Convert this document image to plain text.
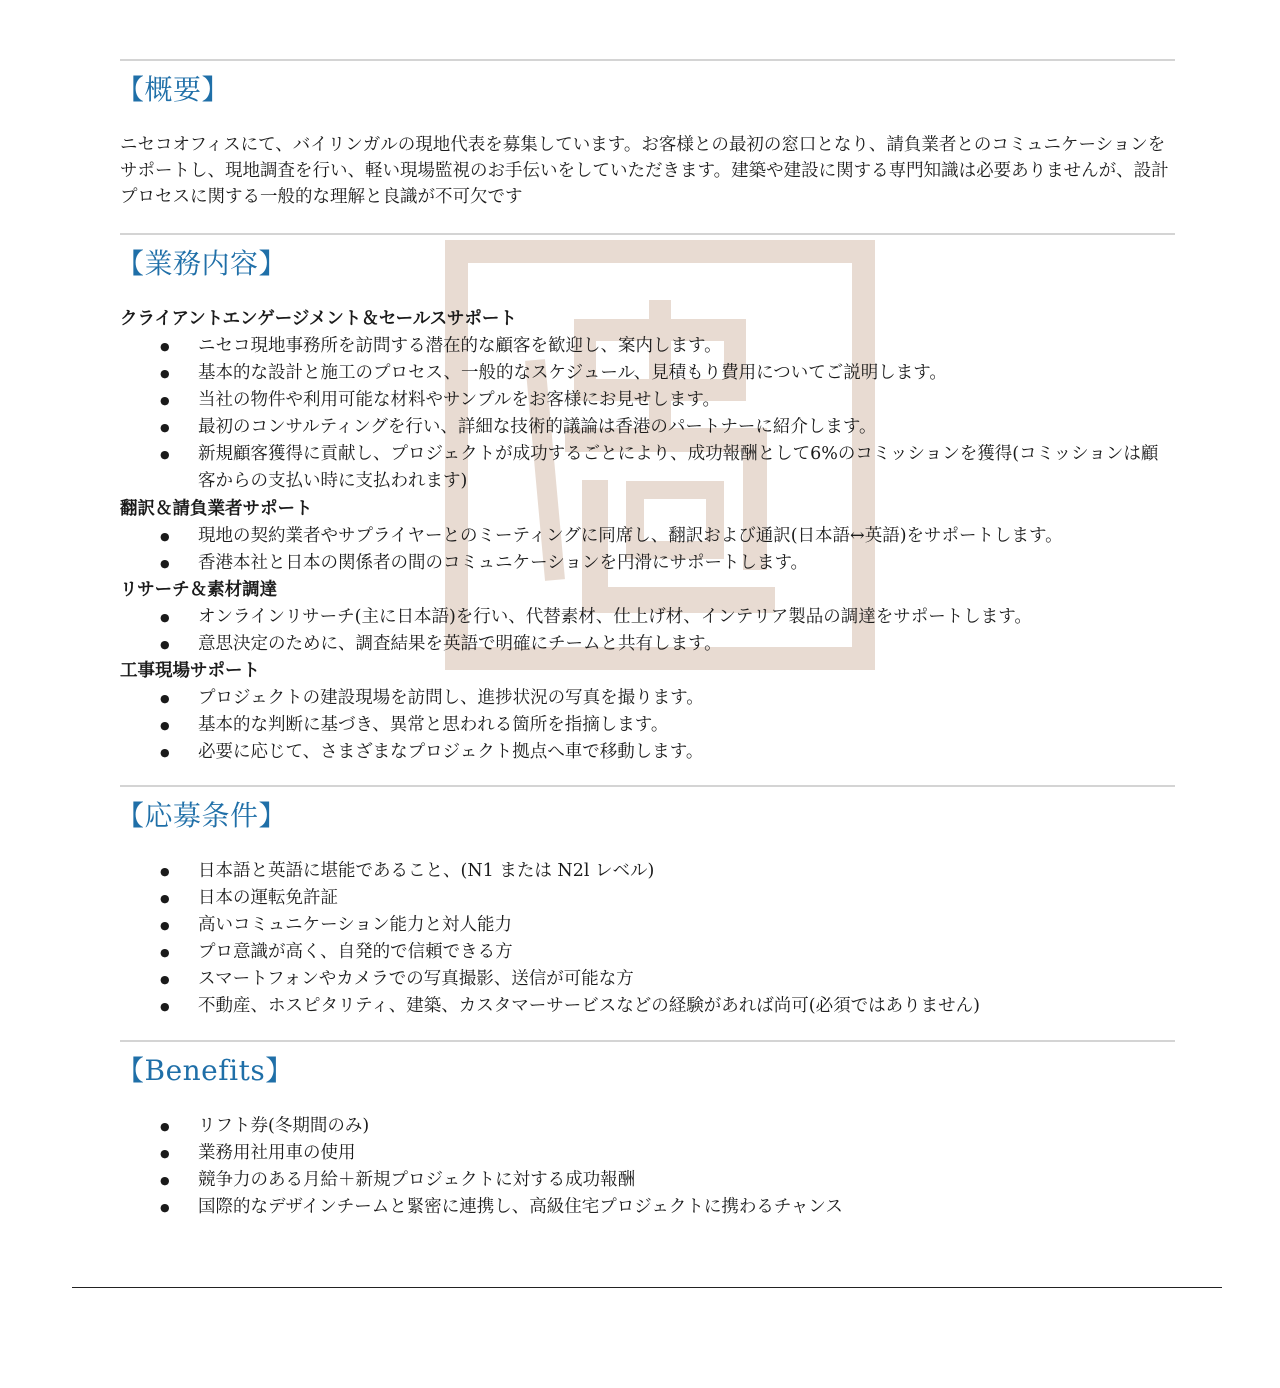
【概要】

ニセコオフィスにて、バイリンガルの現地代表を募集しています。お客様との最初の窓口となり、請負業者とのコミュニケーションをサポートし、現地調査を行い、軽い現場監視のお手伝いをしていただきます。建築や建設に関する専門知識は必要ありませんが、設計プロセスに関する一般的な理解と良識が不可欠です

【業務内容】
クライアントエンゲージメント＆セールスサポート
● ニセコ現地事務所を訪問する潜在的な顧客を歓迎し、案内します。
● 基本的な設計と施工のプロセス、一般的なスケジュール、見積もり費用についてご説明します。
● 当社の物件や利用可能な材料やサンプルをお客様にお見せします。
● 最初のコンサルティングを行い、詳細な技術的議論は香港のパートナーに紹介します。
● 新規顧客獲得に貢献し、プロジェクトが成功するごとにより、成功報酬として6%のコミッションを獲得(コミッションは顧客からの支払い時に支払われます)
翻訳＆請負業者サポート
● 現地の契約業者やサプライヤーとのミーティングに同席し、翻訳および通訳(日本語↔英語)をサポートします。
● 香港本社と日本の関係者の間のコミュニケーションを円滑にサポートします。
リサーチ＆素材調達
● オンラインリサーチ(主に日本語)を行い、代替素材、仕上げ材、インテリア製品の調達をサポートします。
● 意思決定のために、調査結果を英語で明確にチームと共有します。
工事現場サポート
● プロジェクトの建設現場を訪問し、進捗状況の写真を撮ります。
● 基本的な判断に基づき、異常と思われる箇所を指摘します。
● 必要に応じて、さまざまなプロジェクト拠点へ車で移動します。
【応募条件】
● 日本語と英語に堪能であること、(N1 または N2l レベル)
● 日本の運転免許証
● 高いコミュニケーション能力と対人能力
● プロ意識が高く、自発的で信頼できる方
● スマートフォンやカメラでの写真撮影、送信が可能な方
● 不動産、ホスピタリティ、建築、カスタマーサービスなどの経験があれば尚可(必須ではありません)
【Benefits】
● リフト券(冬期間のみ)
● 業務用社用車の使用
● 競争力のある月給＋新規プロジェクトに対する成功報酬
● 国際的なデザインチームと緊密に連携し、高級住宅プロジェクトに携わるチャンス
